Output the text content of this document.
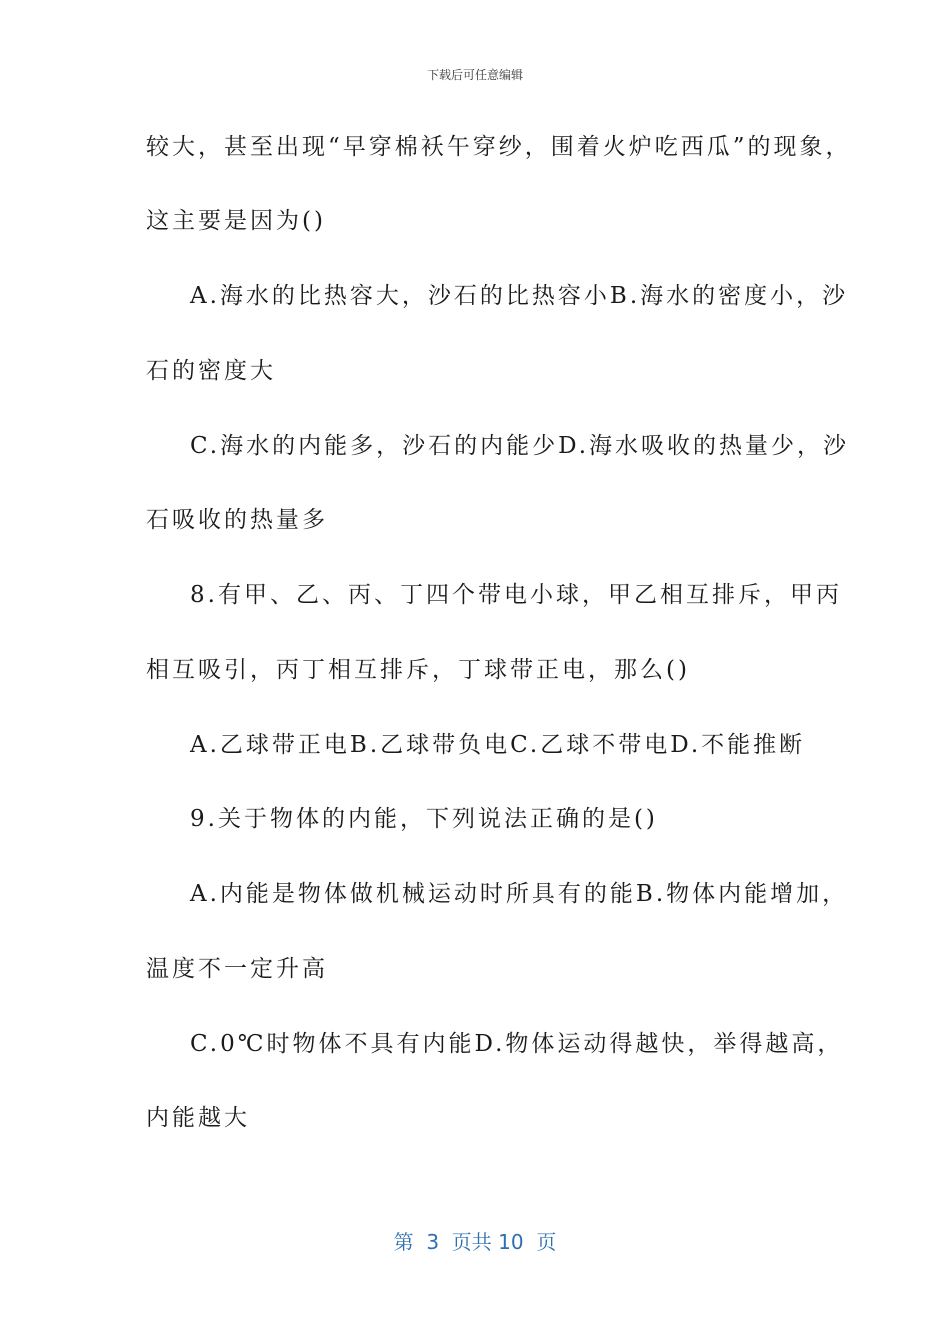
下载后可任意编辑
较大，甚至出现“早穿棉袄午穿纱，围着火炉吃西瓜”的现象，
这主要是因为()
A.海水的比热容大，沙石的比热容小B.海水的密度小，沙
石的密度大
C.海水的内能多，沙石的内能少D.海水吸收的热量少，沙
石吸收的热量多
8.有甲、乙、丙、丁四个带电小球，甲乙相互排斥，甲丙
相互吸引，丙丁相互排斥，丁球带正电，那么()
A.乙球带正电B.乙球带负电C.乙球不带电D.不能推断
9.关于物体的内能，下列说法正确的是()
A.内能是物体做机械运动时所具有的能B.物体内能增加，
温度不一定升高
C.0℃时物体不具有内能D.物体运动得越快，举得越高，
内能越大
第  3  页共 10  页
